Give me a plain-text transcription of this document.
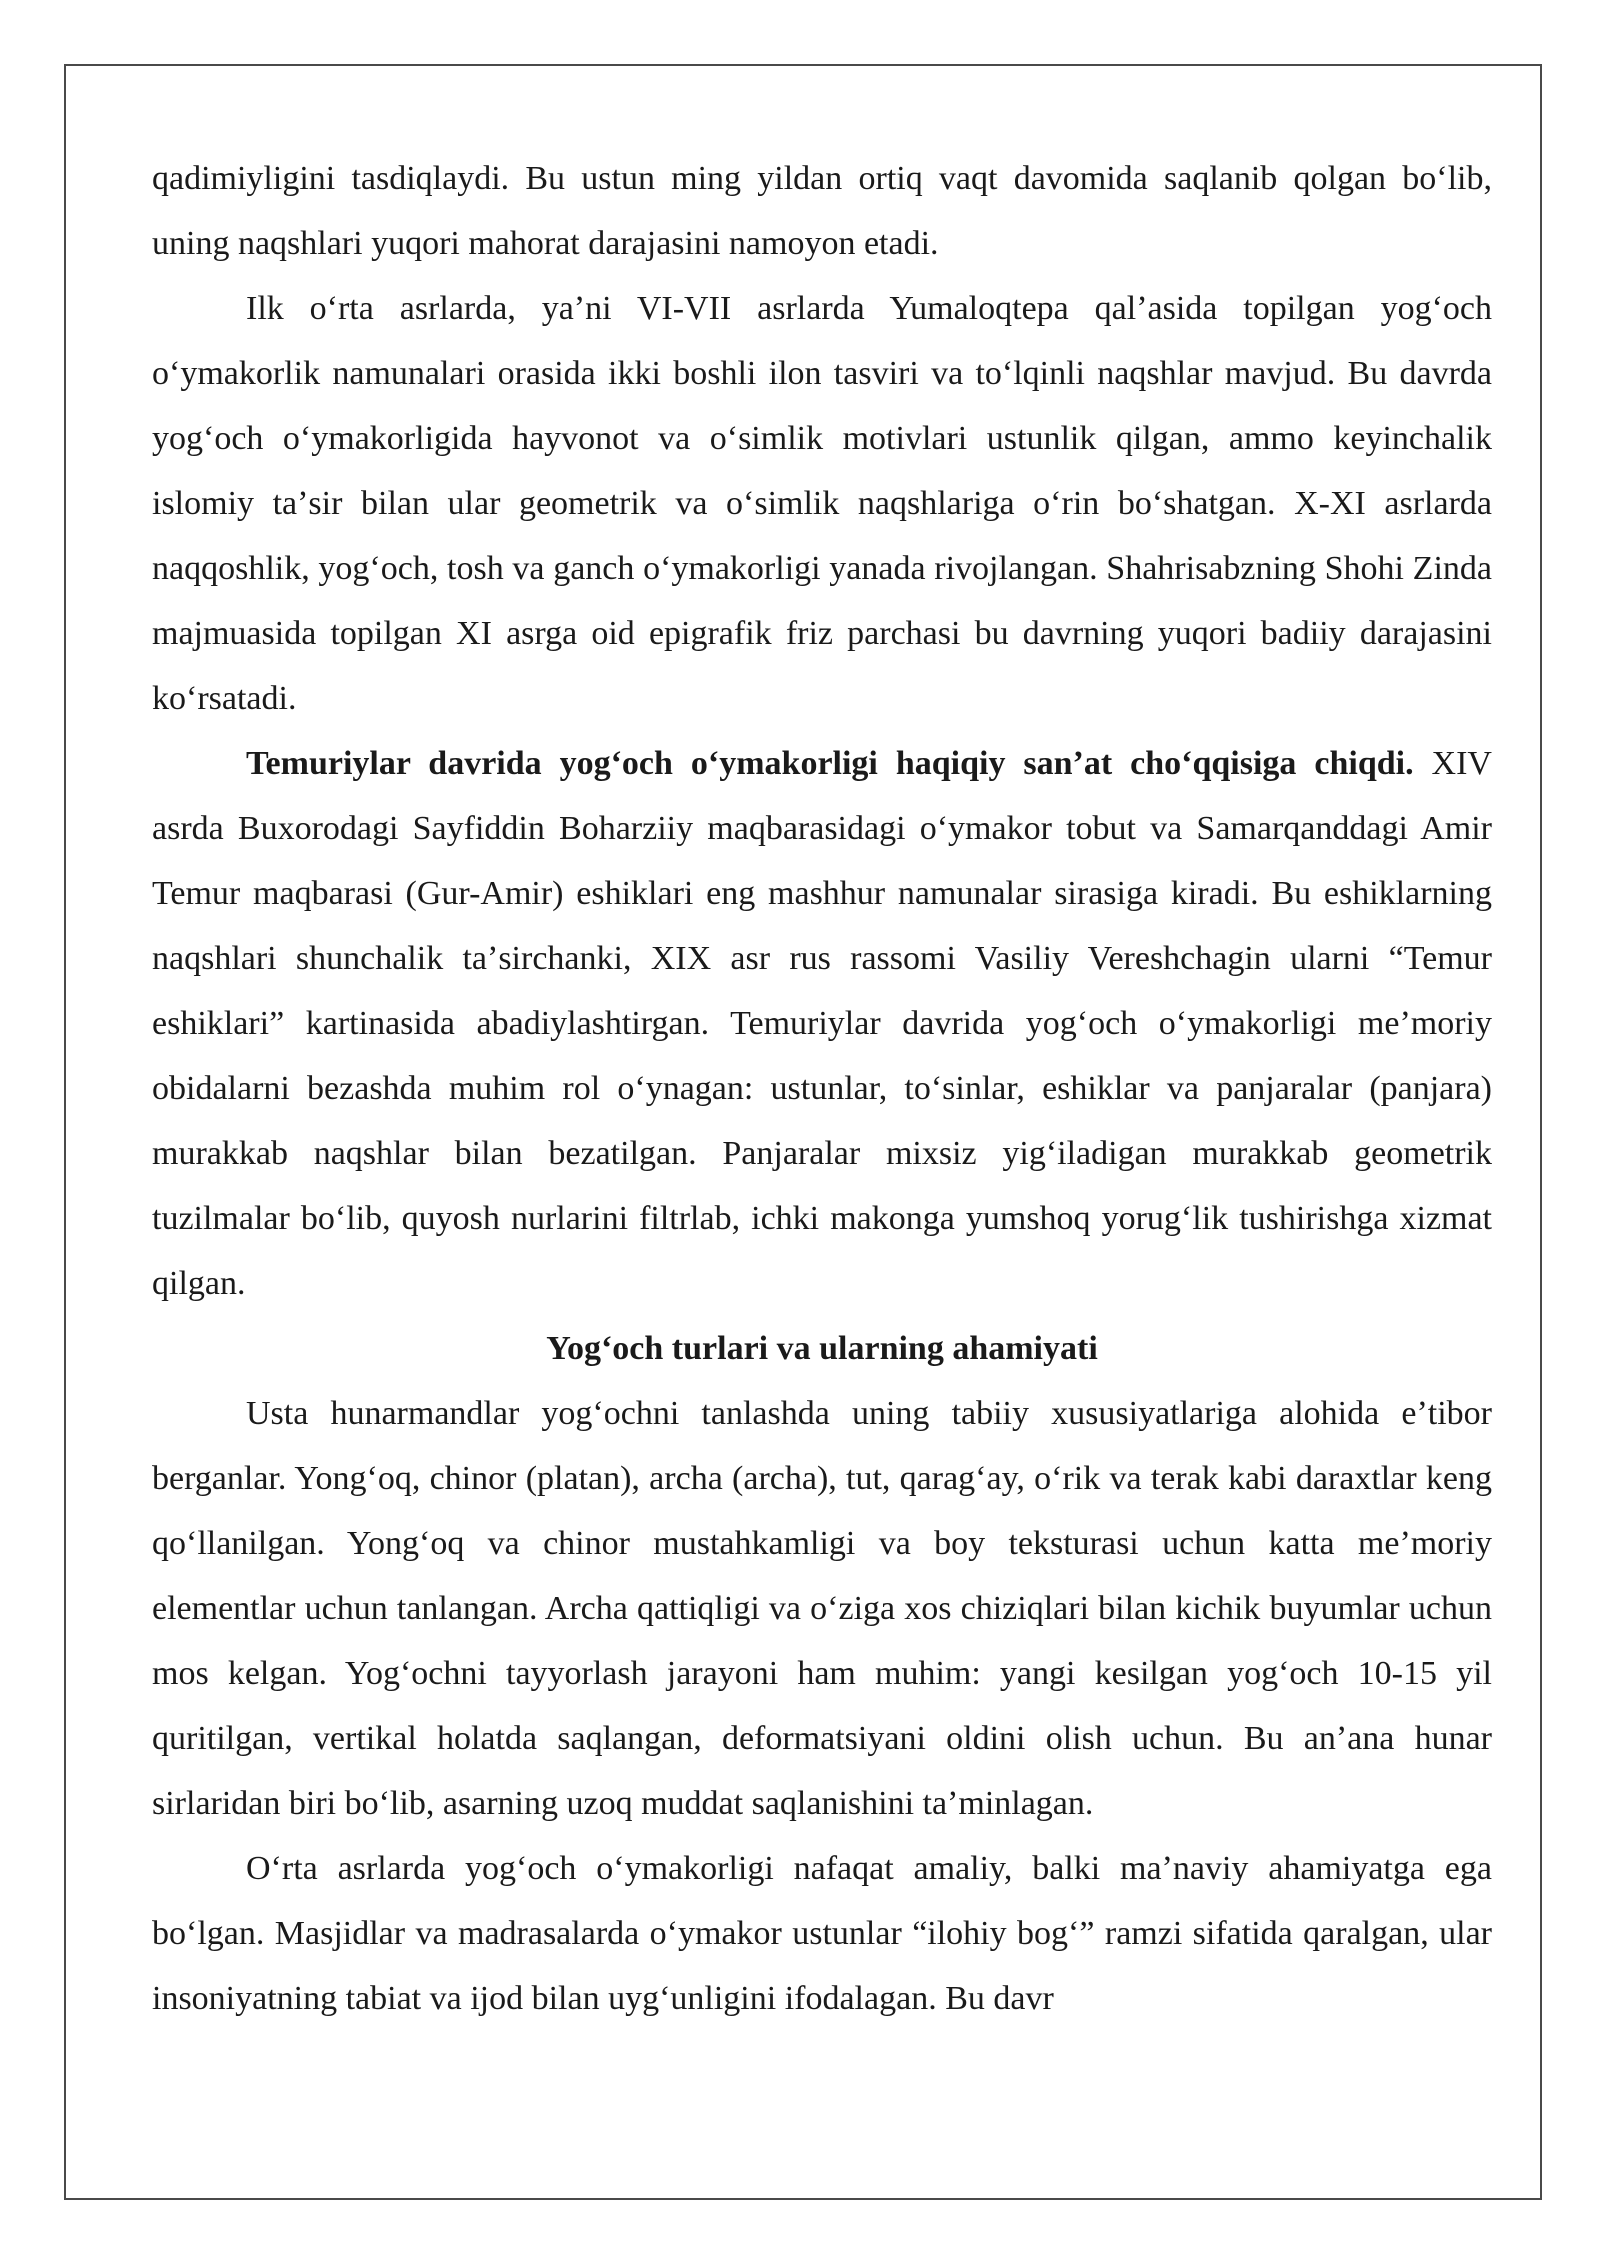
qadimiyligini tasdiqlaydi. Bu ustun ming yildan ortiq vaqt davomida saqlanib qolgan boʻlib, uning naqshlari yuqori mahorat darajasini namoyon etadi.

Ilk oʻrta asrlarda, yaʼni VI-VII asrlarda Yumaloqtepa qalʼasida topilgan yogʻoch oʻymakorlik namunalari orasida ikki boshli ilon tasviri va toʻlqinli naqshlar mavjud. Bu davrda yogʻoch oʻymakorligida hayvonot va oʻsimlik motivlari ustunlik qilgan, ammo keyinchalik islomiy taʼsir bilan ular geometrik va oʻsimlik naqshlariga oʻrin boʻshatgan. X-XI asrlarda naqqoshlik, yogʻoch, tosh va ganch oʻymakorligi yanada rivojlangan. Shahrisabzning Shohi Zinda majmuasida topilgan XI asrga oid epigrafik friz parchasi bu davrning yuqori badiiy darajasini koʻrsatadi.

Temuriylar davrida yogʻoch oʻymakorligi haqiqiy sanʼat choʻqqisiga chiqdi. XIV asrda Buxorodagi Sayfiddin Boharziiy maqbarasidagi oʻymakor tobut va Samarqanddagi Amir Temur maqbarasi (Gur-Amir) eshiklari eng mashhur namunalar sirasiga kiradi. Bu eshiklarning naqshlari shunchalik taʼsirchanki, XIX asr rus rassomi Vasiliy Vereshchagin ularni “Temur eshiklari” kartinasida abadiylashtirgan. Temuriylar davrida yogʻoch oʻymakorligi meʼmoriy obidalarni bezashda muhim rol oʻynagan: ustunlar, toʻsinlar, eshiklar va panjaralar (panjara) murakkab naqshlar bilan bezatilgan. Panjaralar mixsiz yigʻiladigan murakkab geometrik tuzilmalar boʻlib, quyosh nurlarini filtrlab, ichki makonga yumshoq yorugʻlik tushirishga xizmat qilgan.

Yogʻoch turlari va ularning ahamiyati

Usta hunarmandlar yogʻochni tanlashda uning tabiiy xususiyatlariga alohida eʼtibor berganlar. Yongʻoq, chinor (platan), archa (archa), tut, qaragʻay, oʻrik va terak kabi daraxtlar keng qoʻllanilgan. Yongʻoq va chinor mustahkamligi va boy teksturasi uchun katta meʼmoriy elementlar uchun tanlangan. Archa qattiqligi va oʻziga xos chiziqlari bilan kichik buyumlar uchun mos kelgan. Yogʻochni tayyorlash jarayoni ham muhim: yangi kesilgan yogʻoch 10-15 yil quritilgan, vertikal holatda saqlangan, deformatsiyani oldini olish uchun. Bu anʼana hunar sirlaridan biri boʻlib, asarning uzoq muddat saqlanishini taʼminlagan.

Oʻrta asrlarda yogʻoch oʻymakorligi nafaqat amaliy, balki maʼnaviy ahamiyatga ega boʻlgan. Masjidlar va madrasalarda oʻymakor ustunlar “ilohiy bogʻ” ramzi sifatida qaralgan, ular insoniyatning tabiat va ijod bilan uygʻunligini ifodalagan. Bu davr
